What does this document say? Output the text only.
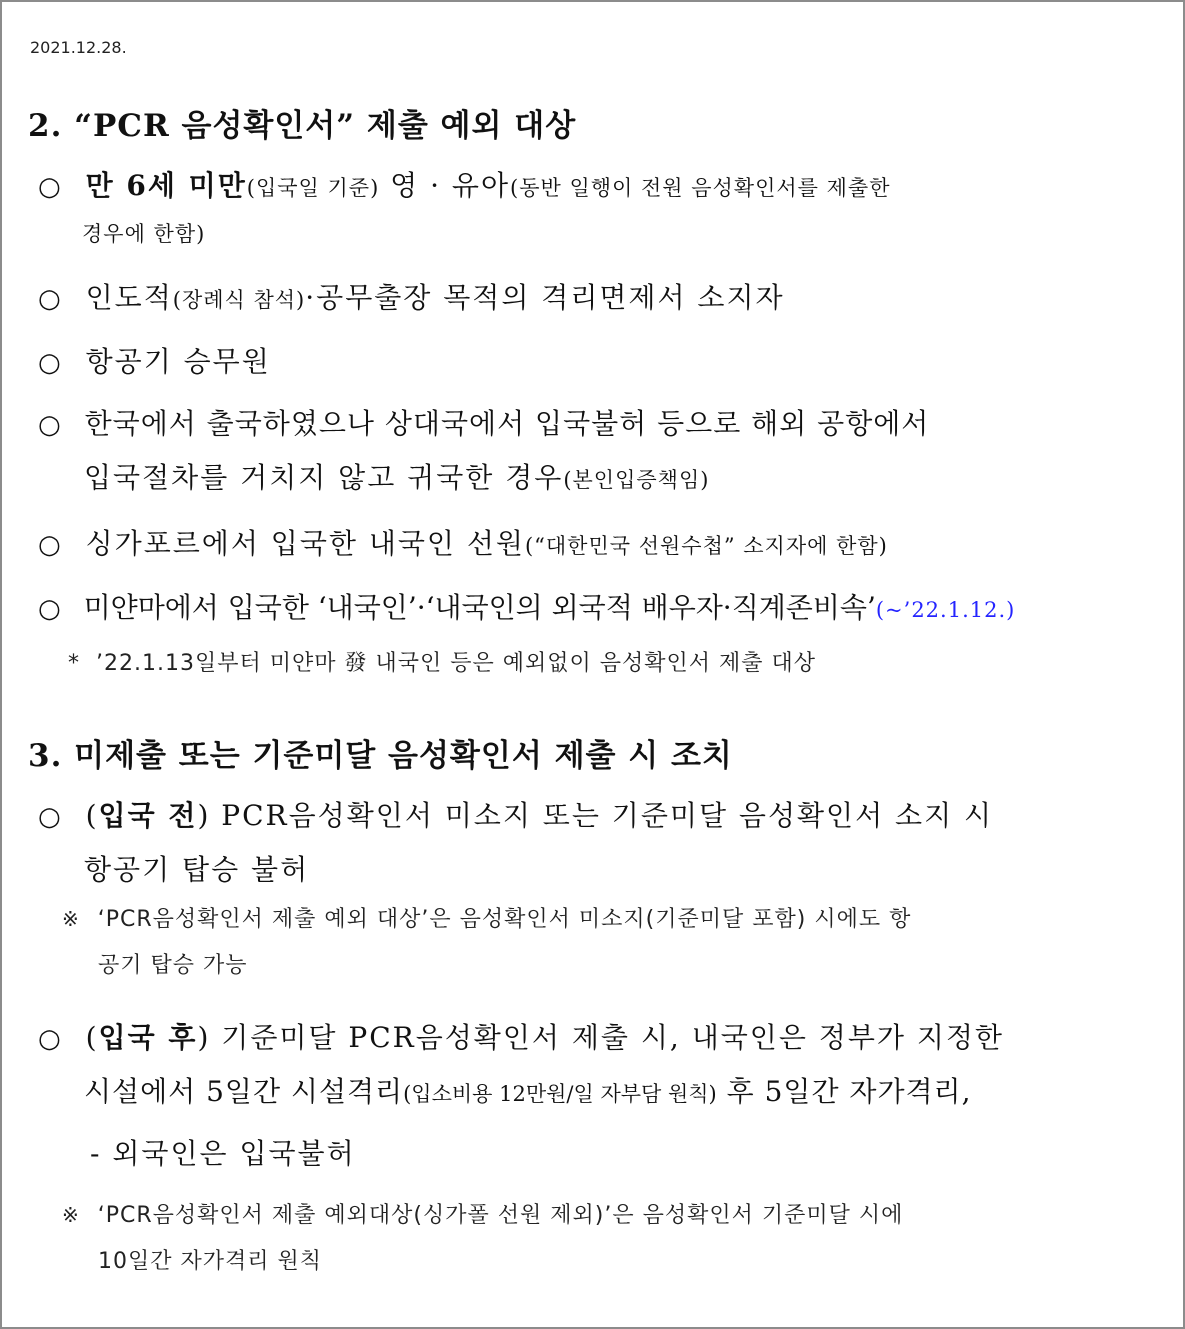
2021.12.28.
2. “PCR 음성확인서” 제출 예외 대상
○ 만 6세 미만(입국일 기준) 영 · 유아(동반 일행이 전원 음성확인서를 제출한
경우에 한함)
○ 인도적(장례식 참석)·공무출장 목적의 격리면제서 소지자
○ 항공기 승무원
○ 한국에서 출국하였으나 상대국에서 입국불허 등으로 해외 공항에서
입국절차를 거치지 않고 귀국한 경우(본인입증책임)
○ 싱가포르에서 입국한 내국인 선원(“대한민국 선원수첩” 소지자에 한함)
○ 미얀마에서 입국한 ‘내국인’·‘내국인의 외국적 배우자·직계존비속’(~’22.1.12.)
* ’22.1.13일부터 미얀마 發 내국인 등은 예외없이 음성확인서 제출 대상
3. 미제출 또는 기준미달 음성확인서 제출 시 조치
○ (입국 전) PCR음성확인서 미소지 또는 기준미달 음성확인서 소지 시
항공기 탑승 불허
※ ‘PCR음성확인서 제출 예외 대상’은 음성확인서 미소지(기준미달 포함) 시에도 항
공기 탑승 가능
○ (입국 후) 기준미달 PCR음성확인서 제출 시, 내국인은 정부가 지정한
시설에서 5일간 시설격리(입소비용 12만원/일 자부담 원칙) 후 5일간 자가격리,
- 외국인은 입국불허
※ ‘PCR음성확인서 제출 예외대상(싱가폴 선원 제외)’은 음성확인서 기준미달 시에
10일간 자가격리 원칙
